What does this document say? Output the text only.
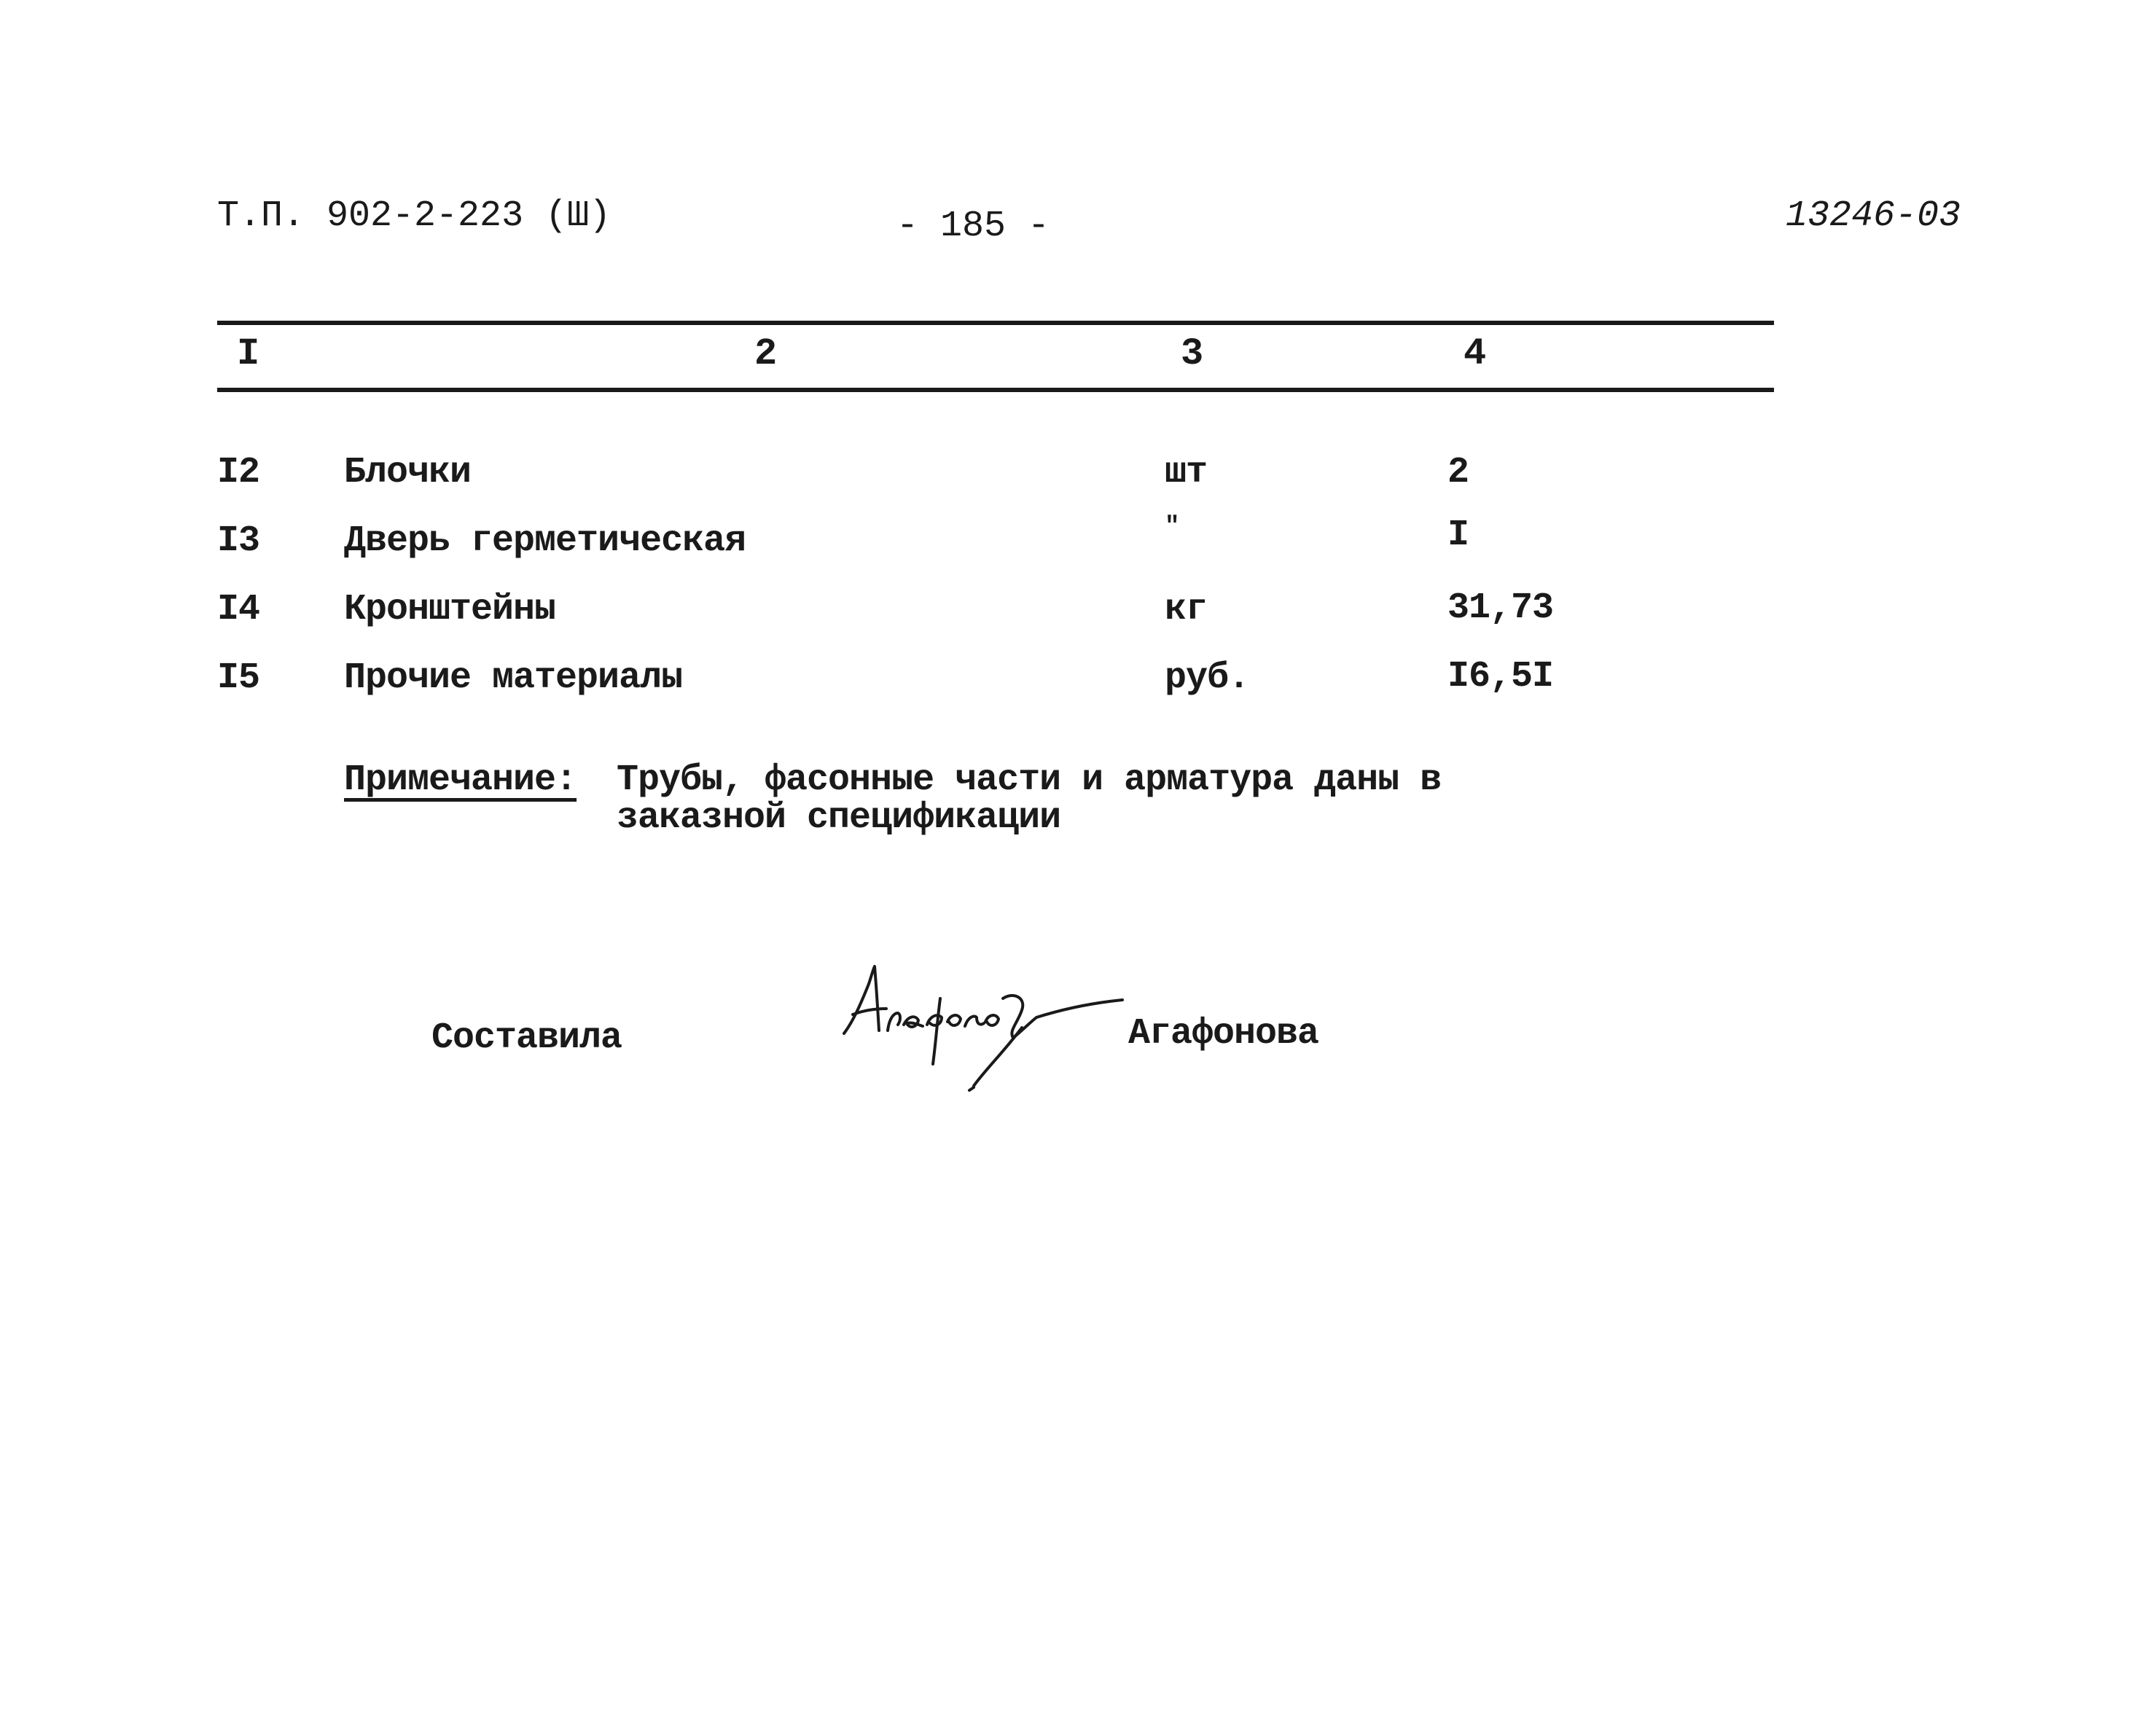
Т.П. 902-2-223 (Ш)	- 185 -	13246-03
I	2	3	4
I2 Блочки	шт	2
I3 Дверь герметическая	"	I
I4 Кронштейны	кг	31,73
I5 Прочие материалы	руб.	I6,5I
Примечание: Трубы, фасонные части и арматура даны в
заказной спецификации
Составила	Агафонова
